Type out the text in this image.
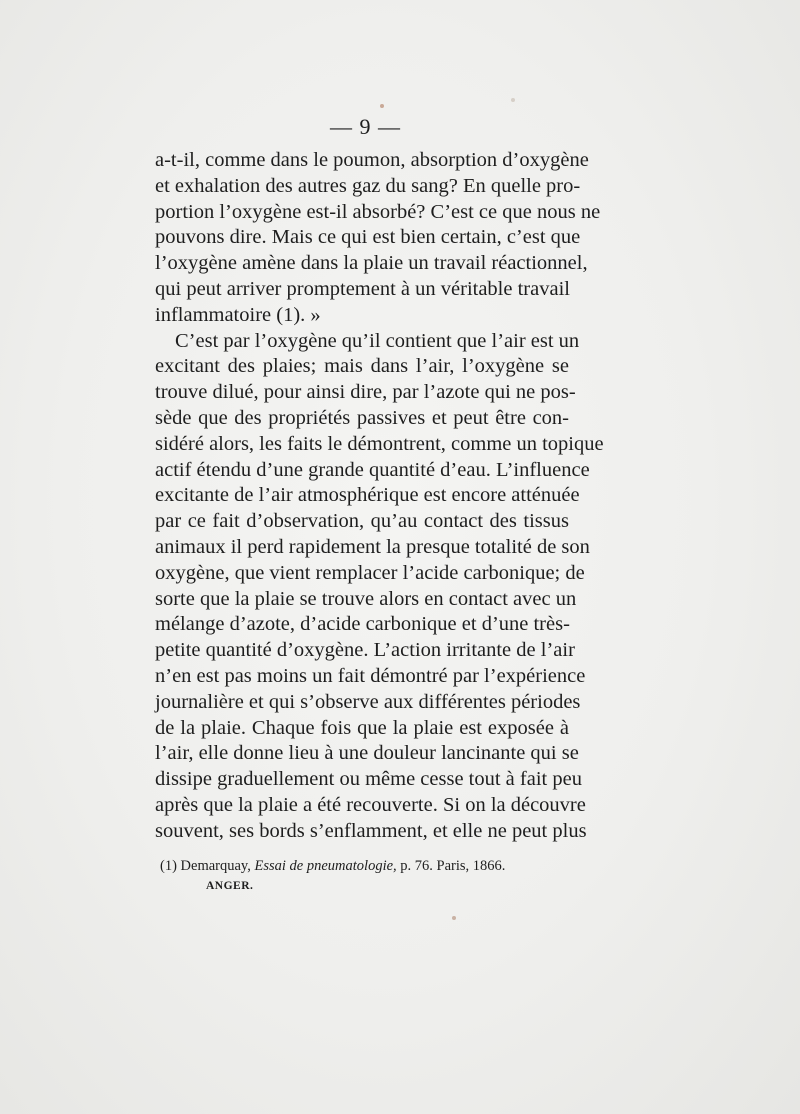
— 9 —
a-t-il, comme dans le poumon, absorption d’oxygène
et exhalation des autres gaz du sang? En quelle pro-
portion l’oxygène est-il absorbé? C’est ce que nous ne
pouvons dire. Mais ce qui est bien certain, c’est que
l’oxygène amène dans la plaie un travail réactionnel,
qui peut arriver promptement à un véritable travail
inflammatoire (1). »
C’est par l’oxygène qu’il contient que l’air est un
excitant des plaies; mais dans l’air, l’oxygène se
trouve dilué, pour ainsi dire, par l’azote qui ne pos-
sède que des propriétés passives et peut être con-
sidéré alors, les faits le démontrent, comme un topique
actif étendu d’une grande quantité d’eau. L’influence
excitante de l’air atmosphérique est encore atténuée
par ce fait d’observation, qu’au contact des tissus
animaux il perd rapidement la presque totalité de son
oxygène, que vient remplacer l’acide carbonique; de
sorte que la plaie se trouve alors en contact avec un
mélange d’azote, d’acide carbonique et d’une très-
petite quantité d’oxygène. L’action irritante de l’air
n’en est pas moins un fait démontré par l’expérience
journalière et qui s’observe aux différentes périodes
de la plaie. Chaque fois que la plaie est exposée à
l’air, elle donne lieu à une douleur lancinante qui se
dissipe graduellement ou même cesse tout à fait peu
après que la plaie a été recouverte. Si on la découvre
souvent, ses bords s’enflamment, et elle ne peut plus
(1) Demarquay, Essai de pneumatologie, p. 76. Paris, 1866.
ANGER.
